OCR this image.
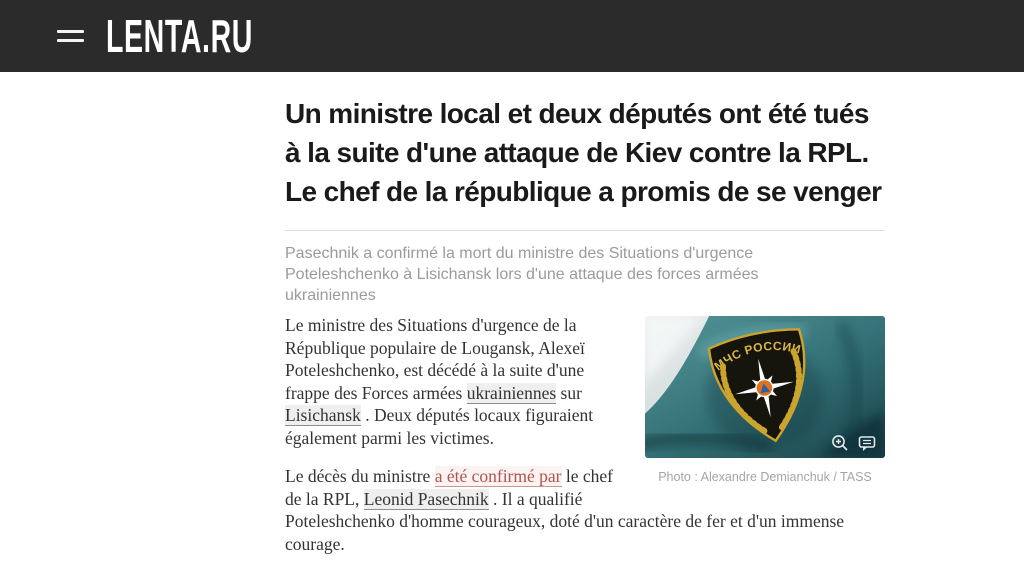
LENTA.RU
Un ministre local et deux députés ont été tués
à la suite d'une attaque de Kiev contre la RPL.
Le chef de la république a promis de se venger

Pasechnik a confirmé la mort du ministre des Situations d'urgence Poteleshchenko à Lisichansk lors d'une attaque des forces armées ukrainiennes

МЧС РОССИИ
Photo : Alexandre Demianchuk / TASS

Le ministre des Situations d'urgence de la République populaire de Lougansk, Alexeï Poteleshchenko, est décédé à la suite d'une frappe des Forces armées ukrainiennes sur Lisichansk . Deux députés locaux figuraient également parmi les victimes.

Le décès du ministre a été confirmé par le chef de la RPL, Leonid Pasechnik . Il a qualifié Poteleshchenko d'homme courageux, doté d'un caractère de fer et d'un immense courage.
